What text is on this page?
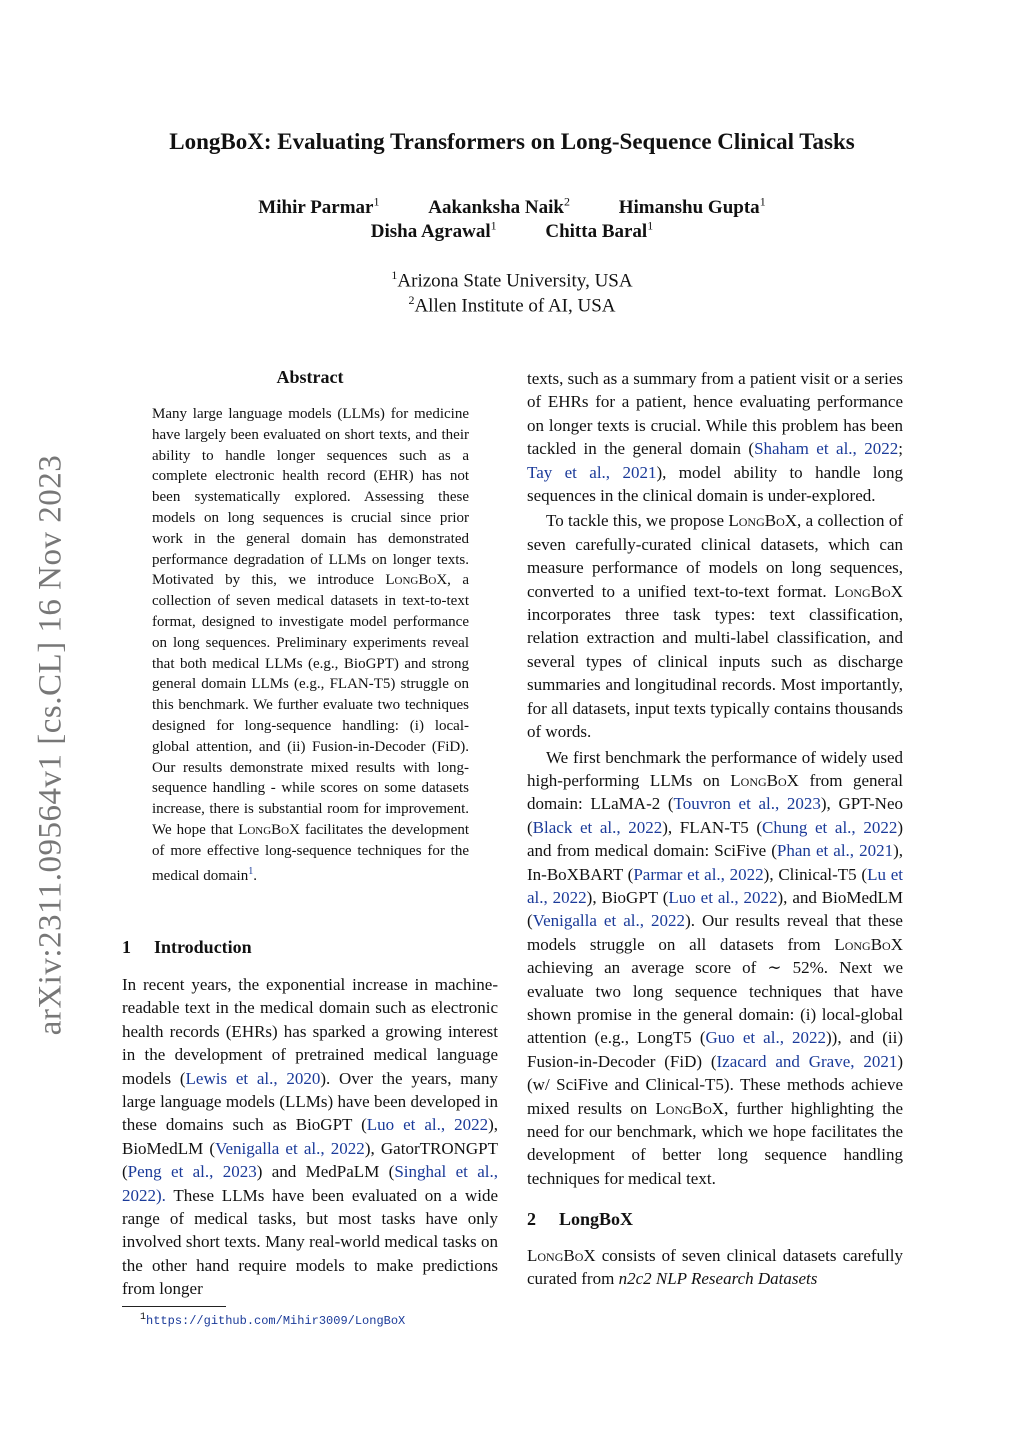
LongBoX: Evaluating Transformers on Long-Sequence Clinical Tasks
Mihir Parmar$^1$	Aakanksha Naik$^2$	Himanshu Gupta$^1$
Disha Agrawal$^1$	Chitta Baral$^1$
$^1$Arizona State University, USA
$^2$Allen Institute of AI, USA
arXiv:2311.09564v1 [cs.CL] 16 Nov 2023
Abstract
Many large language models (LLMs) for medicine have largely been evaluated on short texts, and their ability to handle longer sequences such as a complete electronic health record (EHR) has not been systematically explored. Assessing these models on long sequences is crucial since prior work in the general domain has demonstrated performance degradation of LLMs on longer texts. Motivated by this, we introduce LongBoX, a collection of seven medical datasets in text-to-text format, designed to investigate model performance on long sequences. Preliminary experiments reveal that both medical LLMs (e.g., BioGPT) and strong general domain LLMs (e.g., FLAN-T5) struggle on this benchmark. We further evaluate two techniques designed for long-sequence handling: (i) local-global attention, and (ii) Fusion-in-Decoder (FiD). Our results demonstrate mixed results with long-sequence handling - while scores on some datasets increase, there is substantial room for improvement. We hope that LongBoX facilitates the development of more effective long-sequence techniques for the medical domain$^1$.
1 Introduction

In recent years, the exponential increase in machine-readable text in the medical domain such as electronic health records (EHRs) has sparked a growing interest in the development of pretrained medical language models (Lewis et al., 2020). Over the years, many large language models (LLMs) have been developed in these domains such as BioGPT (Luo et al., 2022), BioMedLM (Venigalla et al., 2022), GatorTRONGPT (Peng et al., 2023) and MedPaLM (Singhal et al., 2022). These LLMs have been evaluated on a wide range of medical tasks, but most tasks have only involved short texts. Many real-world medical tasks on the other hand require models to make predictions from longer

texts, such as a summary from a patient visit or a series of EHRs for a patient, hence evaluating performance on longer texts is crucial. While this problem has been tackled in the general domain (Shaham et al., 2022; Tay et al., 2021), model ability to handle long sequences in the clinical domain is under-explored.

To tackle this, we propose LongBoX, a collection of seven carefully-curated clinical datasets, which can measure performance of models on long sequences, converted to a unified text-to-text format. LongBoX incorporates three task types: text classification, relation extraction and multi-label classification, and several types of clinical inputs such as discharge summaries and longitudinal records. Most importantly, for all datasets, input texts typically contains thousands of words.

We first benchmark the performance of widely used high-performing LLMs on LongBoX from general domain: LLaMA-2 (Touvron et al., 2023), GPT-Neo (Black et al., 2022), FLAN-T5 (Chung et al., 2022) and from medical domain: SciFive (Phan et al., 2021), In-BoXBART (Parmar et al., 2022), Clinical-T5 (Lu et al., 2022), BioGPT (Luo et al., 2022), and BioMedLM (Venigalla et al., 2022). Our results reveal that these models struggle on all datasets from LongBoX achieving an average score of ∼ 52%. Next we evaluate two long sequence techniques that have shown promise in the general domain: (i) local-global attention (e.g., LongT5 (Guo et al., 2022)), and (ii) Fusion-in-Decoder (FiD) (Izacard and Grave, 2021) (w/ SciFive and Clinical-T5). These methods achieve mixed results on LongBoX, further highlighting the need for our benchmark, which we hope facilitates the development of better long sequence handling techniques for medical text.

2 LongBoX

LongBoX consists of seven clinical datasets carefully curated from n2c2 NLP Research Datasets

$^1$https://github.com/Mihir3009/LongBoX
